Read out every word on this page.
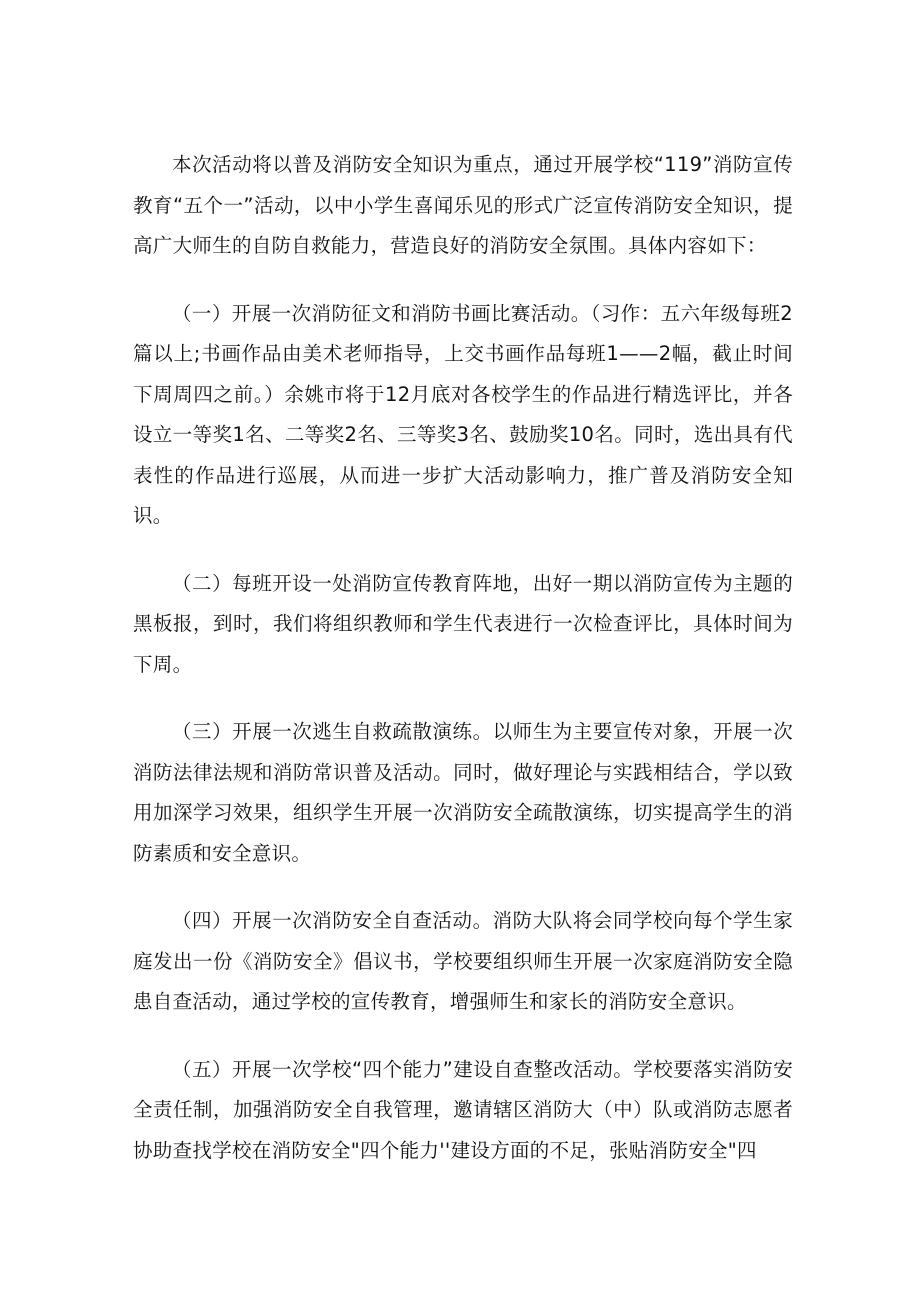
本次活动将以普及消防安全知识为重点，通过开展学校“119”消防宣传教育“五个一”活动，以中小学生喜闻乐见的形式广泛宣传消防安全知识，提高广大师生的自防自救能力，营造良好的消防安全氛围。具体内容如下：

（一）开展一次消防征文和消防书画比赛活动。（习作：五六年级每班2篇以上;书画作品由美术老师指导，上交书画作品每班1——2幅，截止时间下周周四之前。）余姚市将于12月底对各校学生的作品进行精选评比，并各设立一等奖1名、二等奖2名、三等奖3名、鼓励奖10名。同时，选出具有代表性的作品进行巡展，从而进一步扩大活动影响力，推广普及消防安全知识。

（二）每班开设一处消防宣传教育阵地，出好一期以消防宣传为主题的黑板报，到时，我们将组织教师和学生代表进行一次检查评比，具体时间为下周。

（三）开展一次逃生自救疏散演练。以师生为主要宣传对象，开展一次消防法律法规和消防常识普及活动。同时，做好理论与实践相结合，学以致用加深学习效果，组织学生开展一次消防安全疏散演练，切实提高学生的消防素质和安全意识。

（四）开展一次消防安全自查活动。消防大队将会同学校向每个学生家庭发出一份《消防安全》倡议书，学校要组织师生开展一次家庭消防安全隐患自查活动，通过学校的宣传教育，增强师生和家长的消防安全意识。

（五）开展一次学校“四个能力”建设自查整改活动。学校要落实消防安全责任制，加强消防安全自我管理，邀请辖区消防大（中）队或消防志愿者协助查找学校在消防安全"四个能力''建设方面的不足，张贴消防安全"四
